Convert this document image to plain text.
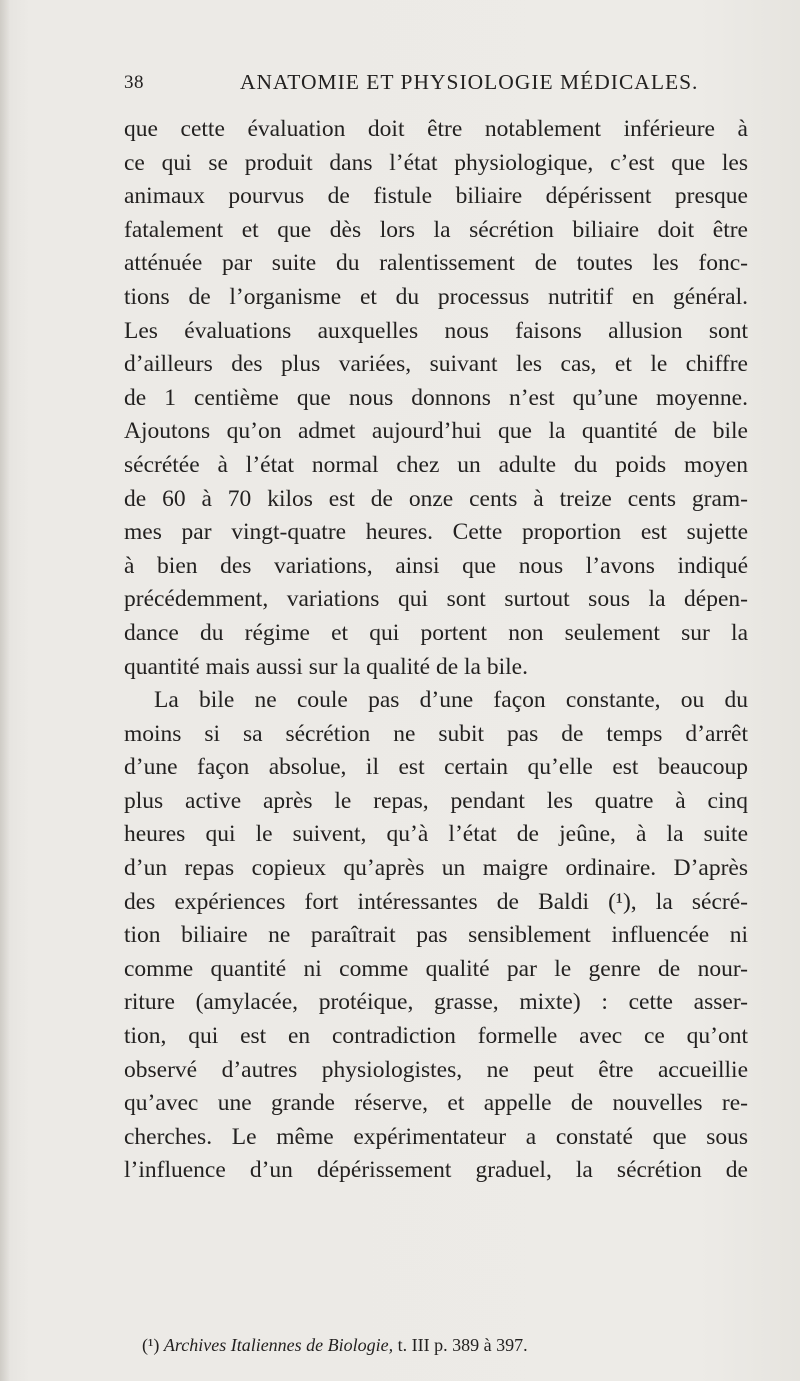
38	ANATOMIE ET PHYSIOLOGIE MÉDICALES.
que cette évaluation doit être notablement inférieure à
ce qui se produit dans l’état physiologique, c’est que les
animaux pourvus de fistule biliaire dépérissent presque
fatalement et que dès lors la sécrétion biliaire doit être
atténuée par suite du ralentissement de toutes les fonc-
tions de l’organisme et du processus nutritif en général.
Les évaluations auxquelles nous faisons allusion sont
d’ailleurs des plus variées, suivant les cas, et le chiffre
de 1 centième que nous donnons n’est qu’une moyenne.
Ajoutons qu’on admet aujourd’hui que la quantité de bile
sécrétée à l’état normal chez un adulte du poids moyen
de 60 à 70 kilos est de onze cents à treize cents gram-
mes par vingt-quatre heures. Cette proportion est sujette
à bien des variations, ainsi que nous l’avons indiqué
précédemment, variations qui sont surtout sous la dépen-
dance du régime et qui portent non seulement sur la
quantité mais aussi sur la qualité de la bile.
La bile ne coule pas d’une façon constante, ou du
moins si sa sécrétion ne subit pas de temps d’arrêt
d’une façon absolue, il est certain qu’elle est beaucoup
plus active après le repas, pendant les quatre à cinq
heures qui le suivent, qu’à l’état de jeûne, à la suite
d’un repas copieux qu’après un maigre ordinaire. D’après
des expériences fort intéressantes de Baldi (¹), la sécré-
tion biliaire ne paraîtrait pas sensiblement influencée ni
comme quantité ni comme qualité par le genre de nour-
riture (amylacée, protéique, grasse, mixte) : cette asser-
tion, qui est en contradiction formelle avec ce qu’ont
observé d’autres physiologistes, ne peut être accueillie
qu’avec une grande réserve, et appelle de nouvelles re-
cherches. Le même expérimentateur a constaté que sous
l’influence d’un dépérissement graduel, la sécrétion de
(¹) Archives Italiennes de Biologie, t. III p. 389 à 397.
